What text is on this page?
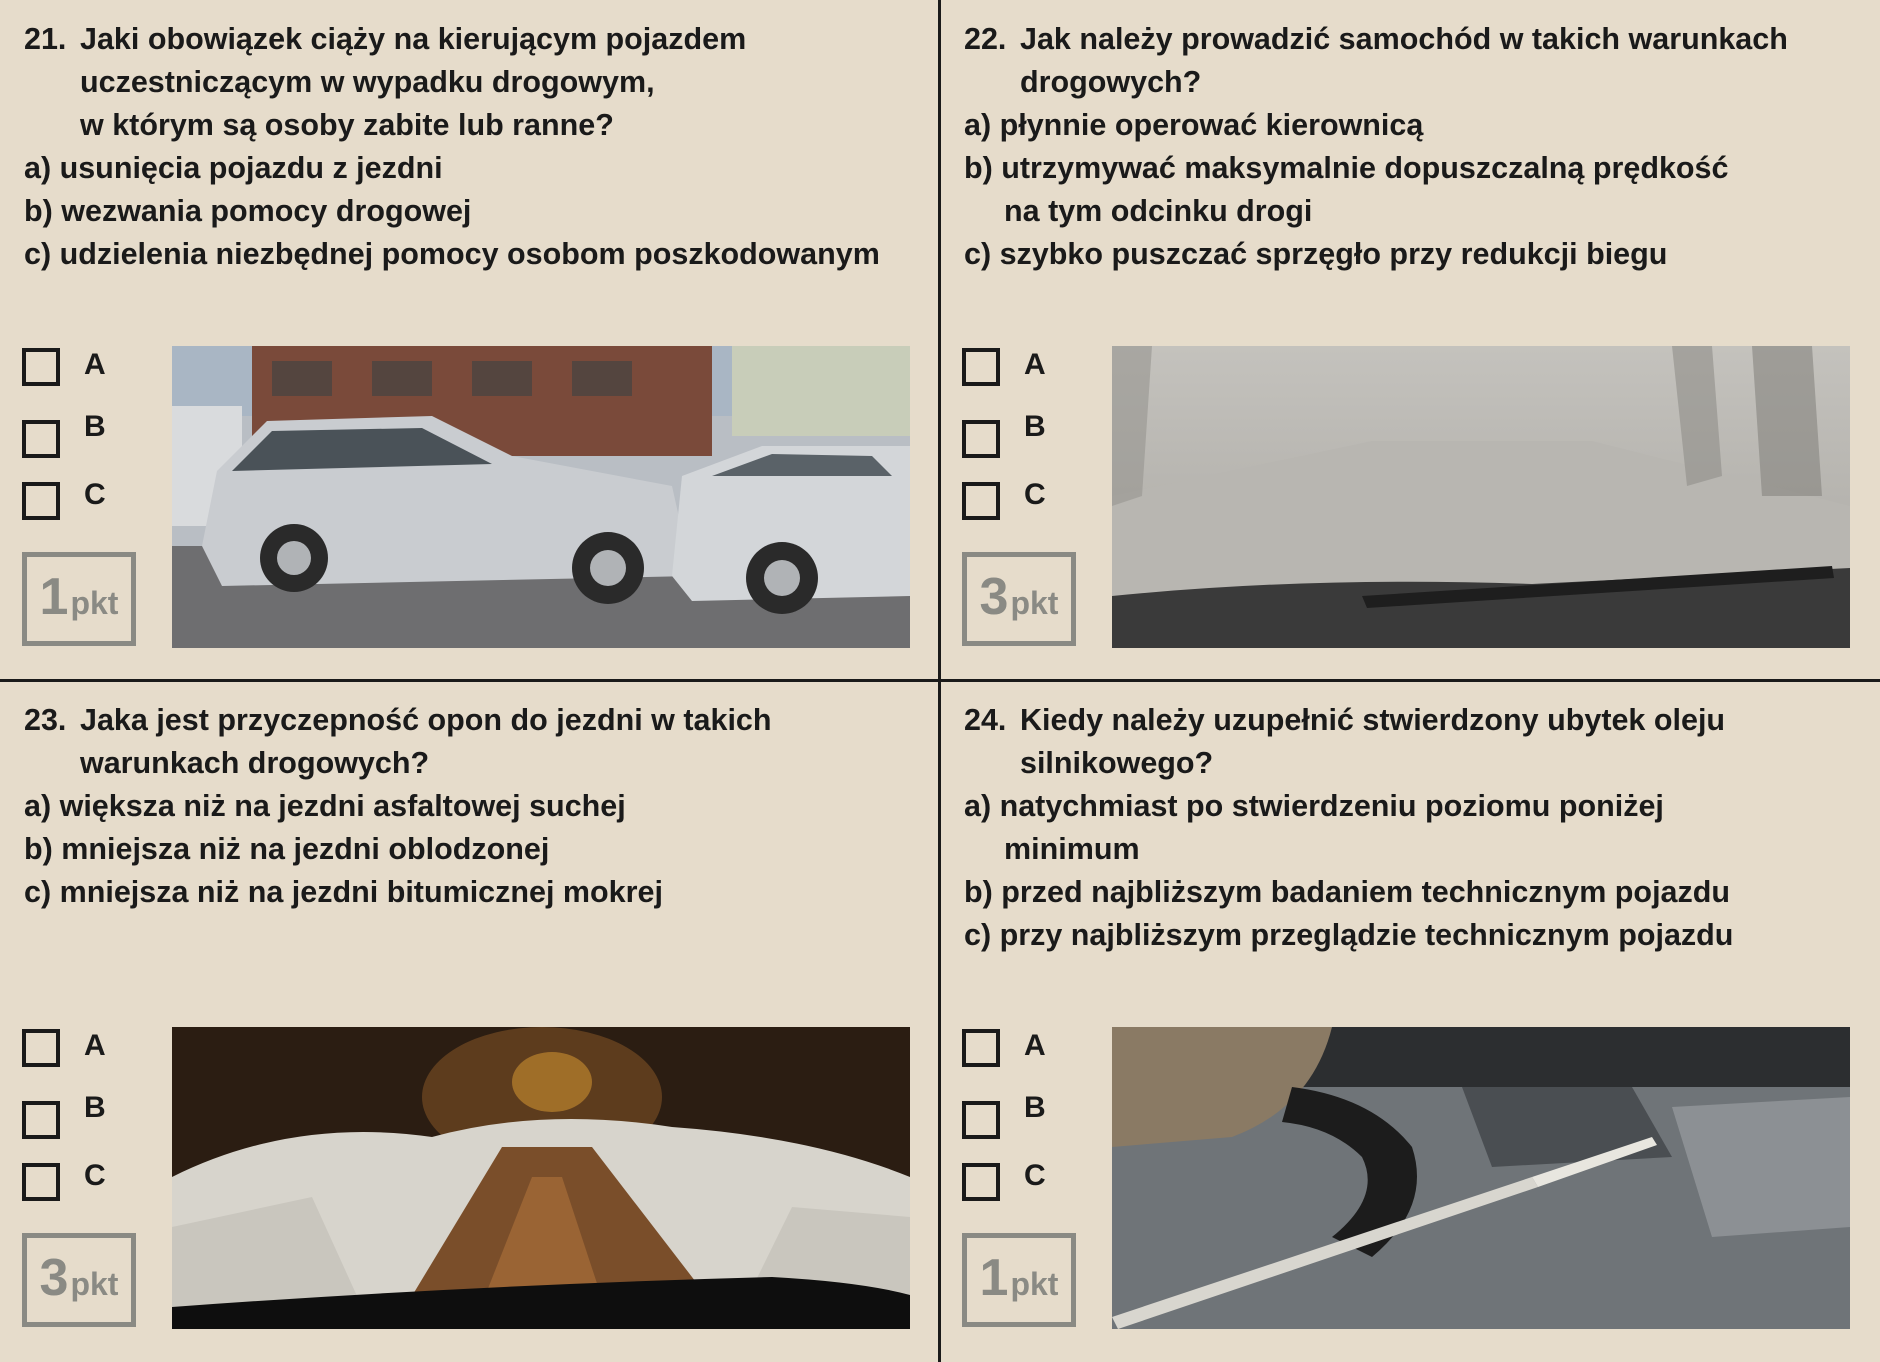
21. Jaki obowiązek ciąży na kierującym pojazdem
uczestniczącym w wypadku drogowym,
w którym są osoby zabite lub ranne?
a) usunięcia pojazdu z jezdni
b) wezwania pomocy drogowej
c) udzielenia niezbędnej pomocy osobom poszkodowanym
A
B
C
1 pkt
22. Jak należy prowadzić samochód w takich warunkach
drogowych?
a) płynnie operować kierownicą
b) utrzymywać maksymalnie dopuszczalną prędkość
na tym odcinku drogi
c) szybko puszczać sprzęgło przy redukcji biegu
A
B
C
3 pkt
23. Jaka jest przyczepność opon do jezdni w takich
warunkach drogowych?
a) większa niż na jezdni asfaltowej suchej
b) mniejsza niż na jezdni oblodzonej
c) mniejsza niż na jezdni bitumicznej mokrej
A
B
C
3 pkt
24. Kiedy należy uzupełnić stwierdzony ubytek oleju
silnikowego?
a) natychmiast po stwierdzeniu poziomu poniżej
minimum
b) przed najbliższym badaniem technicznym pojazdu
c) przy najbliższym przeglądzie technicznym pojazdu
A
B
C
1 pkt
